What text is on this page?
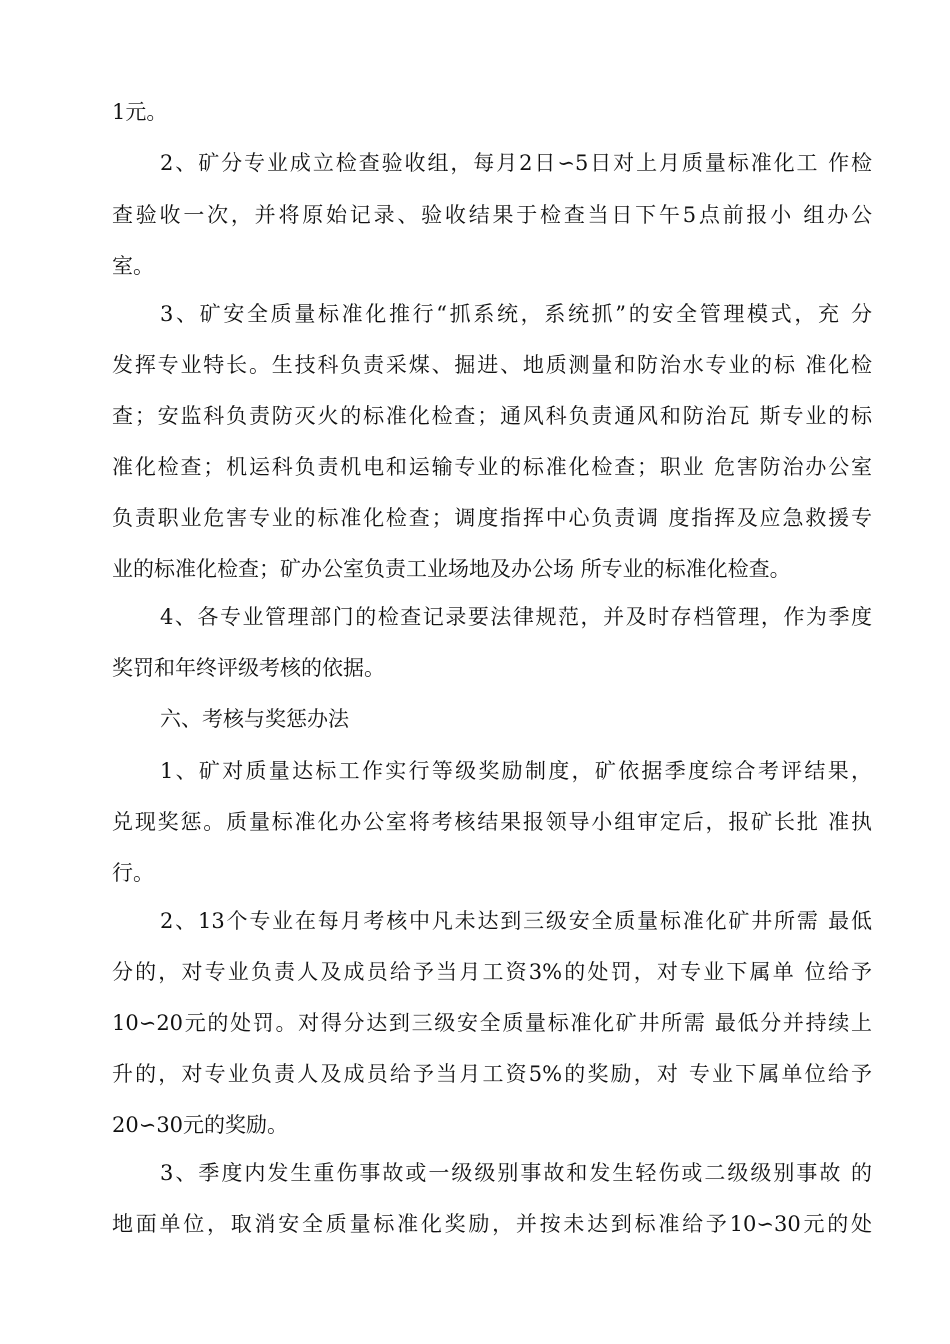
1元。
2、矿分专业成立检查验收组，每月2日∽5日对上月质量标准化工 作检
查验收一次，并将原始记录、验收结果于检查当日下午5点前报小 组办公
室。
3、矿安全质量标准化推行“抓系统，系统抓”的安全管理模式，充 分
发挥专业特长。生技科负责采煤、掘进、地质测量和防治水专业的标 准化检
查；安监科负责防灭火的标准化检查；通风科负责通风和防治瓦 斯专业的标
准化检查；机运科负责机电和运输专业的标准化检查；职业 危害防治办公室
负责职业危害专业的标准化检查；调度指挥中心负责调 度指挥及应急救援专
业的标准化检查；矿办公室负责工业场地及办公场 所专业的标准化检查。
4、各专业管理部门的检查记录要法律规范，并及时存档管理，作为季度
奖罚和年终评级考核的依据。
六、考核与奖惩办法
1、矿对质量达标工作实行等级奖励制度，矿依据季度综合考评结果，
兑现奖惩。质量标准化办公室将考核结果报领导小组审定后，报矿长批 准执
行。
2、13个专业在每月考核中凡未达到三级安全质量标准化矿井所需 最低
分的，对专业负责人及成员给予当月工资3%的处罚，对专业下属单 位给予
10∽20元的处罚。对得分达到三级安全质量标准化矿井所需 最低分并持续上
升的，对专业负责人及成员给予当月工资5%的奖励，对 专业下属单位给予
20∽30元的奖励。
3、季度内发生重伤事故或一级级别事故和发生轻伤或二级级别事故 的
地面单位，取消安全质量标准化奖励，并按未达到标准给予10∽30元的处
